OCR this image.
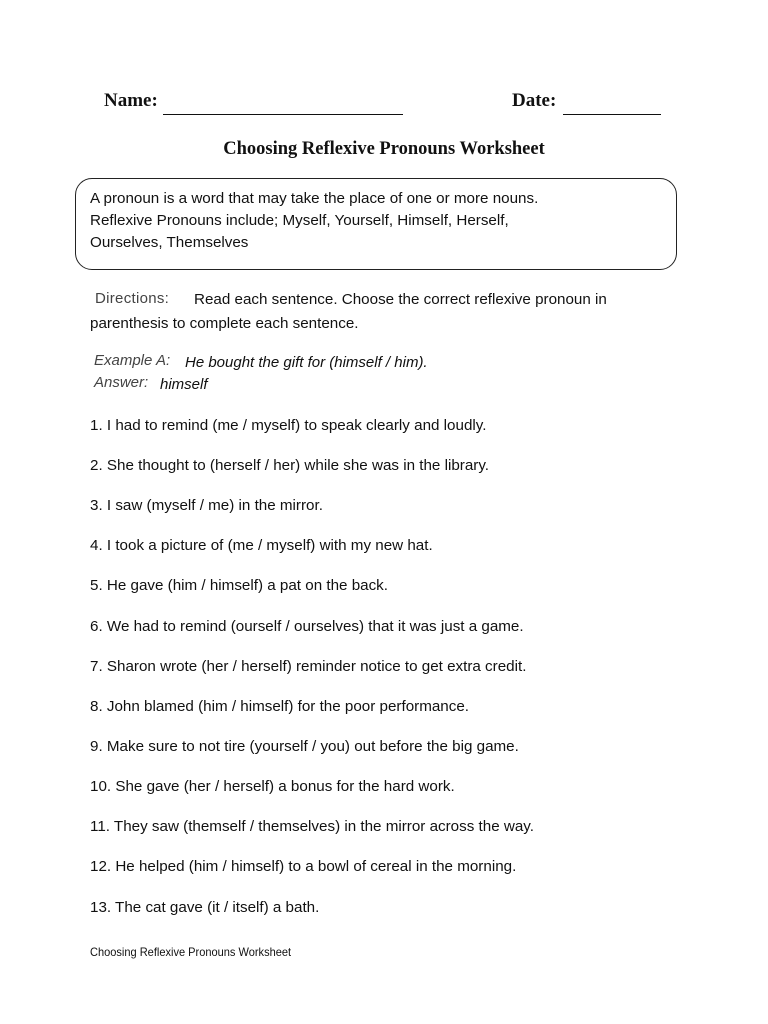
Name:	Date:
Choosing Reflexive Pronouns Worksheet
A pronoun is a word that may take the place of one or more nouns.
Reflexive Pronouns include; Myself, Yourself, Himself, Herself,
Ourselves, Themselves
Directions: Read each sentence. Choose the correct reflexive pronoun in
parenthesis to complete each sentence.
Example A: He bought the gift for (himself / him).
Answer: himself
1. I had to remind (me / myself) to speak clearly and loudly.
2. She thought to (herself / her) while she was in the library.
3. I saw (myself / me) in the mirror.
4. I took a picture of (me / myself) with my new hat.
5. He gave (him / himself) a pat on the back.
6. We had to remind (ourself / ourselves) that it was just a game.
7. Sharon wrote (her / herself) reminder notice to get extra credit.
8. John blamed (him / himself) for the poor performance.
9. Make sure to not tire (yourself / you) out before the big game.
10. She gave (her / herself) a bonus for the hard work.
11. They saw (themself / themselves) in the mirror across the way.
12. He helped (him / himself) to a bowl of cereal in the morning.
13. The cat gave (it / itself) a bath.
Choosing Reflexive Pronouns Worksheet
